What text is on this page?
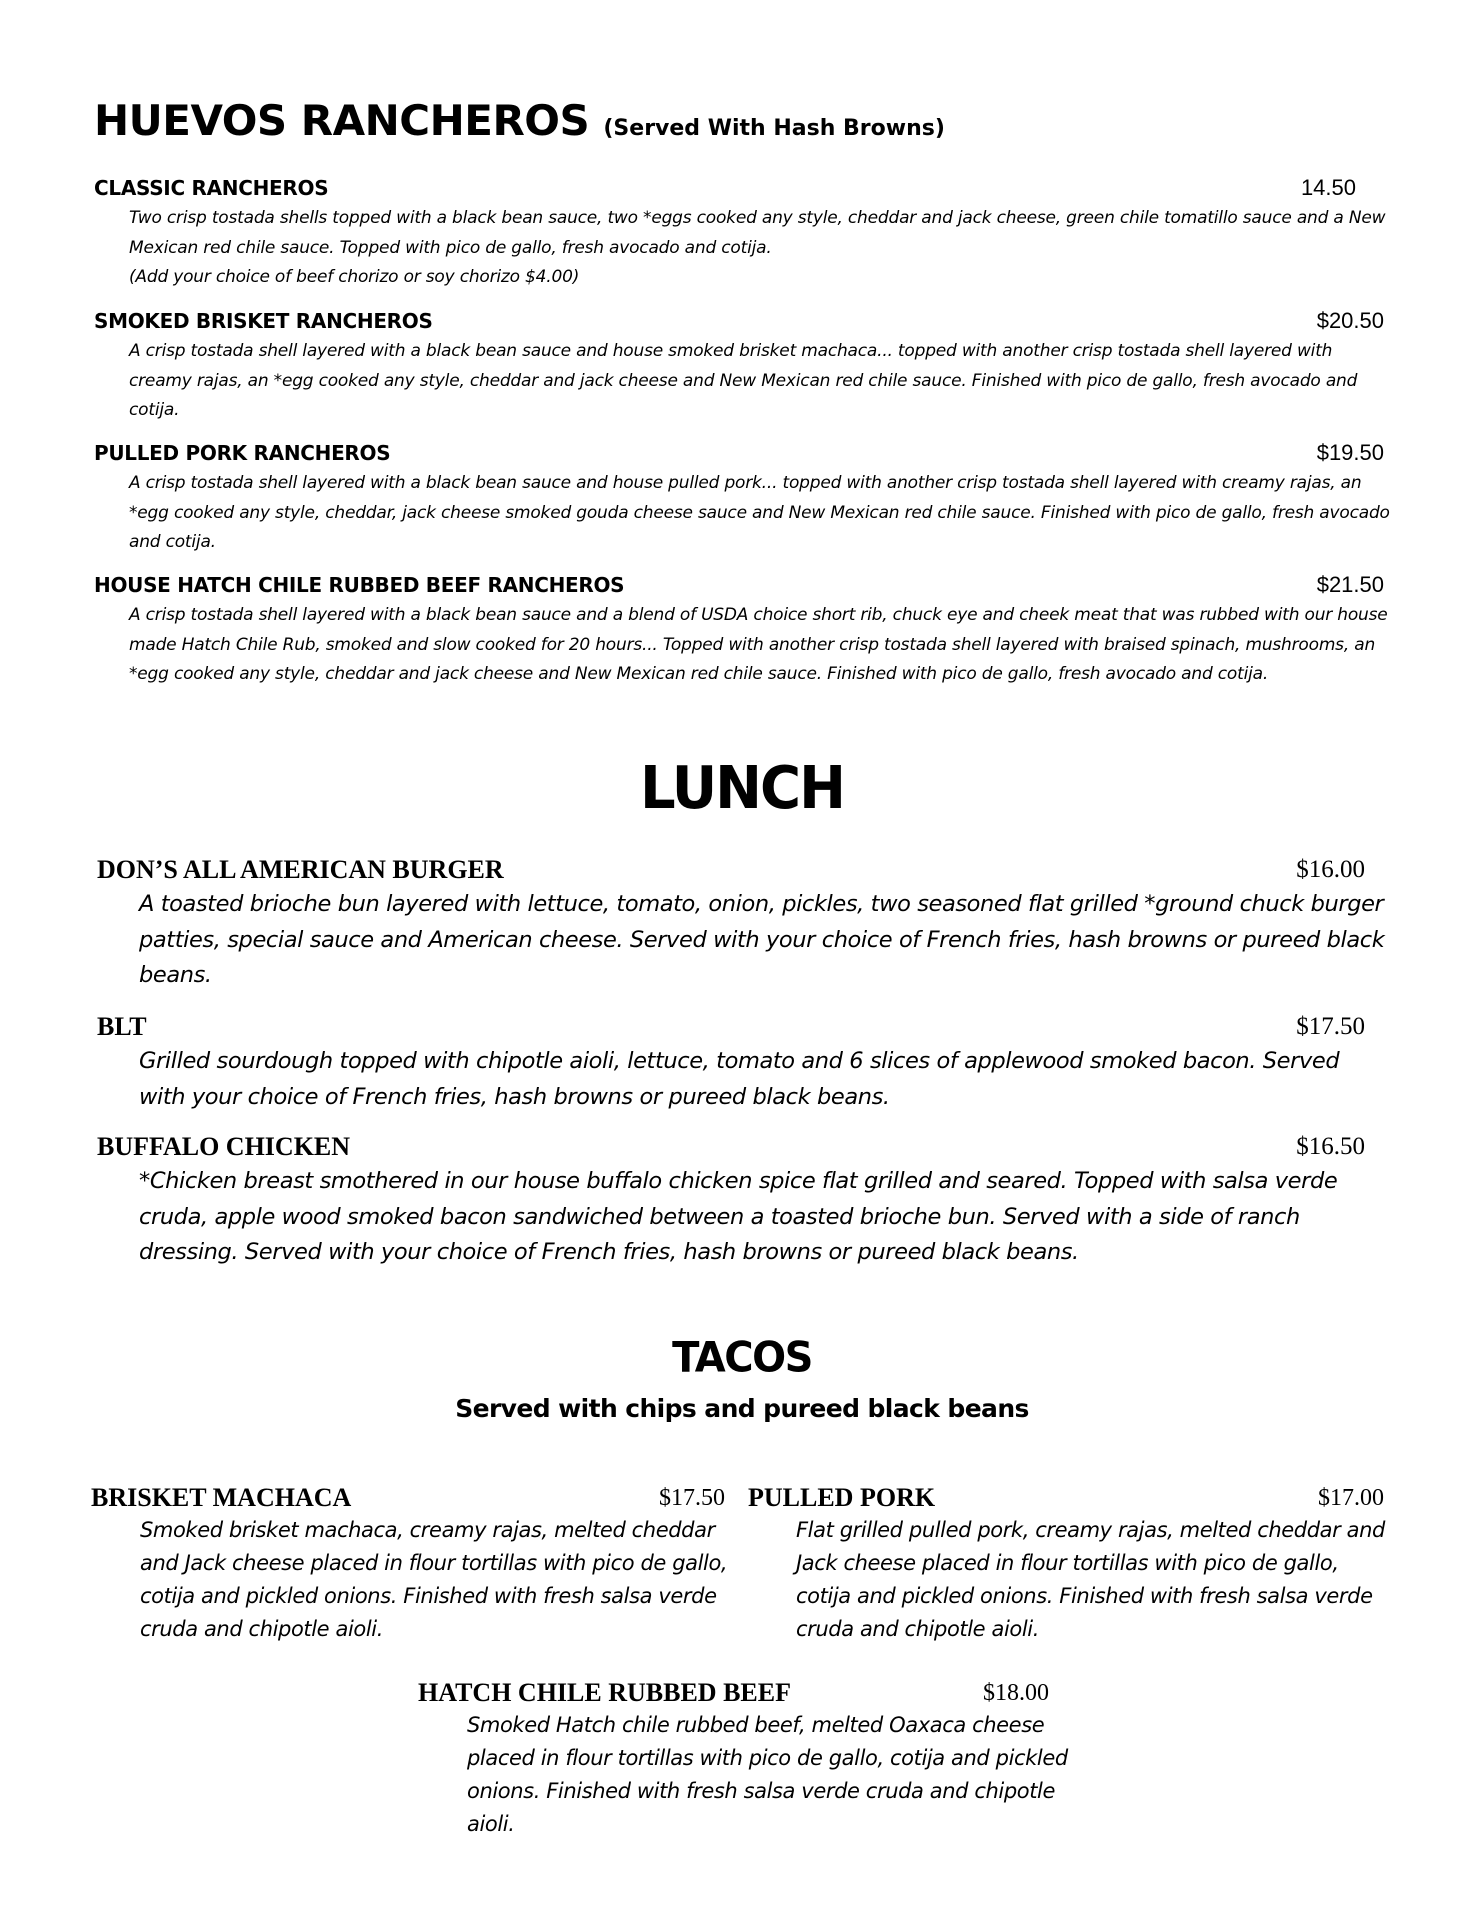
HUEVOS RANCHEROS (Served With Hash Browns)
CLASSIC RANCHEROS	14.50
Two crisp tostada shells topped with a black bean sauce, two *eggs cooked any style, cheddar and jack cheese, green chile tomatillo sauce and a New Mexican red chile sauce. Topped with pico de gallo, fresh avocado and cotija.
(Add your choice of beef chorizo or soy chorizo $4.00)
SMOKED BRISKET RANCHEROS	$20.50
A crisp tostada shell layered with a black bean sauce and house smoked brisket machaca... topped with another crisp tostada shell layered with creamy rajas, an *egg cooked any style, cheddar and jack cheese and New Mexican red chile sauce. Finished with pico de gallo, fresh avocado and cotija.
PULLED PORK RANCHEROS	$19.50
A crisp tostada shell layered with a black bean sauce and house pulled pork... topped with another crisp tostada shell layered with creamy rajas, an *egg cooked any style, cheddar, jack cheese smoked gouda cheese sauce and New Mexican red chile sauce. Finished with pico de gallo, fresh avocado and cotija.
HOUSE HATCH CHILE RUBBED BEEF RANCHEROS	$21.50
A crisp tostada shell layered with a black bean sauce and a blend of USDA choice short rib, chuck eye and cheek meat that was rubbed with our house made Hatch Chile Rub, smoked and slow cooked for 20 hours... Topped with another crisp tostada shell layered with braised spinach, mushrooms, an *egg cooked any style, cheddar and jack cheese and New Mexican red chile sauce. Finished with pico de gallo, fresh avocado and cotija.
LUNCH
DON’S ALL AMERICAN BURGER	$16.00
A toasted brioche bun layered with lettuce, tomato, onion, pickles, two seasoned flat grilled *ground chuck burger patties, special sauce and American cheese. Served with your choice of French fries, hash browns or pureed black beans.
BLT	$17.50
Grilled sourdough topped with chipotle aioli, lettuce, tomato and 6 slices of applewood smoked bacon. Served with your choice of French fries, hash browns or pureed black beans.
BUFFALO CHICKEN	$16.50
*Chicken breast smothered in our house buffalo chicken spice flat grilled and seared. Topped with salsa verde cruda, apple wood smoked bacon sandwiched between a toasted brioche bun. Served with a side of ranch dressing. Served with your choice of French fries, hash browns or pureed black beans.
TACOS
Served with chips and pureed black beans
BRISKET MACHACA	$17.50
Smoked brisket machaca, creamy rajas, melted cheddar and Jack cheese placed in flour tortillas with pico de gallo, cotija and pickled onions. Finished with fresh salsa verde cruda and chipotle aioli.
PULLED PORK	$17.00
Flat grilled pulled pork, creamy rajas, melted cheddar and Jack cheese placed in flour tortillas with pico de gallo, cotija and pickled onions. Finished with fresh salsa verde cruda and chipotle aioli.
HATCH CHILE RUBBED BEEF	$18.00
Smoked Hatch chile rubbed beef, melted Oaxaca cheese placed in flour tortillas with pico de gallo, cotija and pickled onions. Finished with fresh salsa verde cruda and chipotle aioli.
